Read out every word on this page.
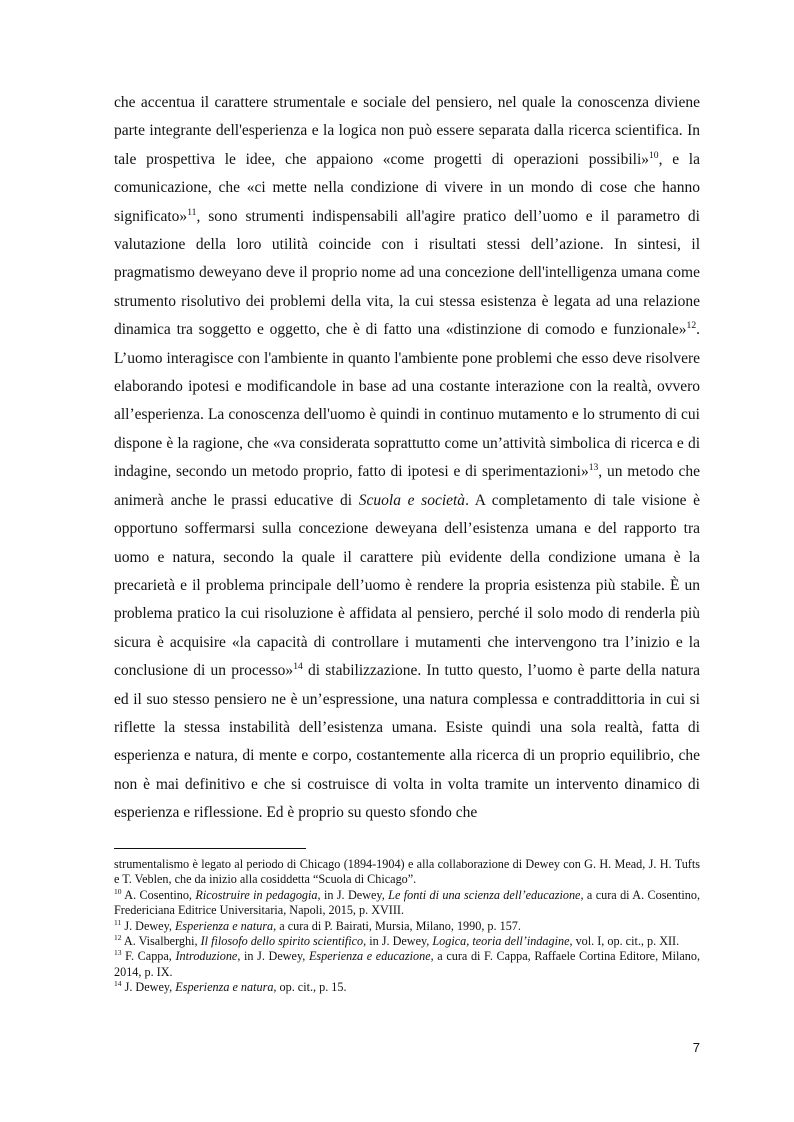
che accentua il carattere strumentale e sociale del pensiero, nel quale la conoscenza diviene parte integrante dell'esperienza e la logica non può essere separata dalla ricerca scientifica. In tale prospettiva le idee, che appaiono «come progetti di operazioni possibili»$^{10}$, e la comunicazione, che «ci mette nella condizione di vivere in un mondo di cose che hanno significato»$^{11}$, sono strumenti indispensabili all'agire pratico dell’uomo e il parametro di valutazione della loro utilità coincide con i risultati stessi dell’azione. In sintesi, il pragmatismo deweyano deve il proprio nome ad una concezione dell'intelligenza umana come strumento risolutivo dei problemi della vita, la cui stessa esistenza è legata ad una relazione dinamica tra soggetto e oggetto, che è di fatto una «distinzione di comodo e funzionale»$^{12}$. L’uomo interagisce con l'ambiente in quanto l'ambiente pone problemi che esso deve risolvere elaborando ipotesi e modificandole in base ad una costante interazione con la realtà, ovvero all’esperienza. La conoscenza dell'uomo è quindi in continuo mutamento e lo strumento di cui dispone è la ragione, che «va considerata soprattutto come un’attività simbolica di ricerca e di indagine, secondo un metodo proprio, fatto di ipotesi e di sperimentazioni»$^{13}$, un metodo che animerà anche le prassi educative di Scuola e società. A completamento di tale visione è opportuno soffermarsi sulla concezione deweyana dell’esistenza umana e del rapporto tra uomo e natura, secondo la quale il carattere più evidente della condizione umana è la precarietà e il problema principale dell’uomo è rendere la propria esistenza più stabile. È un problema pratico la cui risoluzione è affidata al pensiero, perché il solo modo di renderla più sicura è acquisire «la capacità di controllare i mutamenti che intervengono tra l’inizio e la conclusione di un processo»$^{14}$ di stabilizzazione. In tutto questo, l’uomo è parte della natura ed il suo stesso pensiero ne è un’espressione, una natura complessa e contraddittoria in cui si riflette la stessa instabilità dell’esistenza umana. Esiste quindi una sola realtà, fatta di esperienza e natura, di mente e corpo, costantemente alla ricerca di un proprio equilibrio, che non è mai definitivo e che si costruisce di volta in volta tramite un intervento dinamico di esperienza e riflessione. Ed è proprio su questo sfondo che

strumentalismo è legato al periodo di Chicago (1894-1904) e alla collaborazione di Dewey con G. H. Mead, J. H. Tufts e T. Veblen, che da inizio alla cosiddetta “Scuola di Chicago”.

$^{10}$ A. Cosentino, Ricostruire in pedagogia, in J. Dewey, Le fonti di una scienza dell’educazione, a cura di A. Cosentino, Fredericiana Editrice Universitaria, Napoli, 2015, p. XVIII.

$^{11}$ J. Dewey, Esperienza e natura, a cura di P. Bairati, Mursia, Milano, 1990, p. 157.

$^{12}$ A. Visalberghi, Il filosofo dello spirito scientifico, in J. Dewey, Logica, teoria dell’indagine, vol. I, op. cit., p. XII.

$^{13}$ F. Cappa, Introduzione, in J. Dewey, Esperienza e educazione, a cura di F. Cappa, Raffaele Cortina Editore, Milano, 2014, p. IX.

$^{14}$ J. Dewey, Esperienza e natura, op. cit., p. 15.

7
